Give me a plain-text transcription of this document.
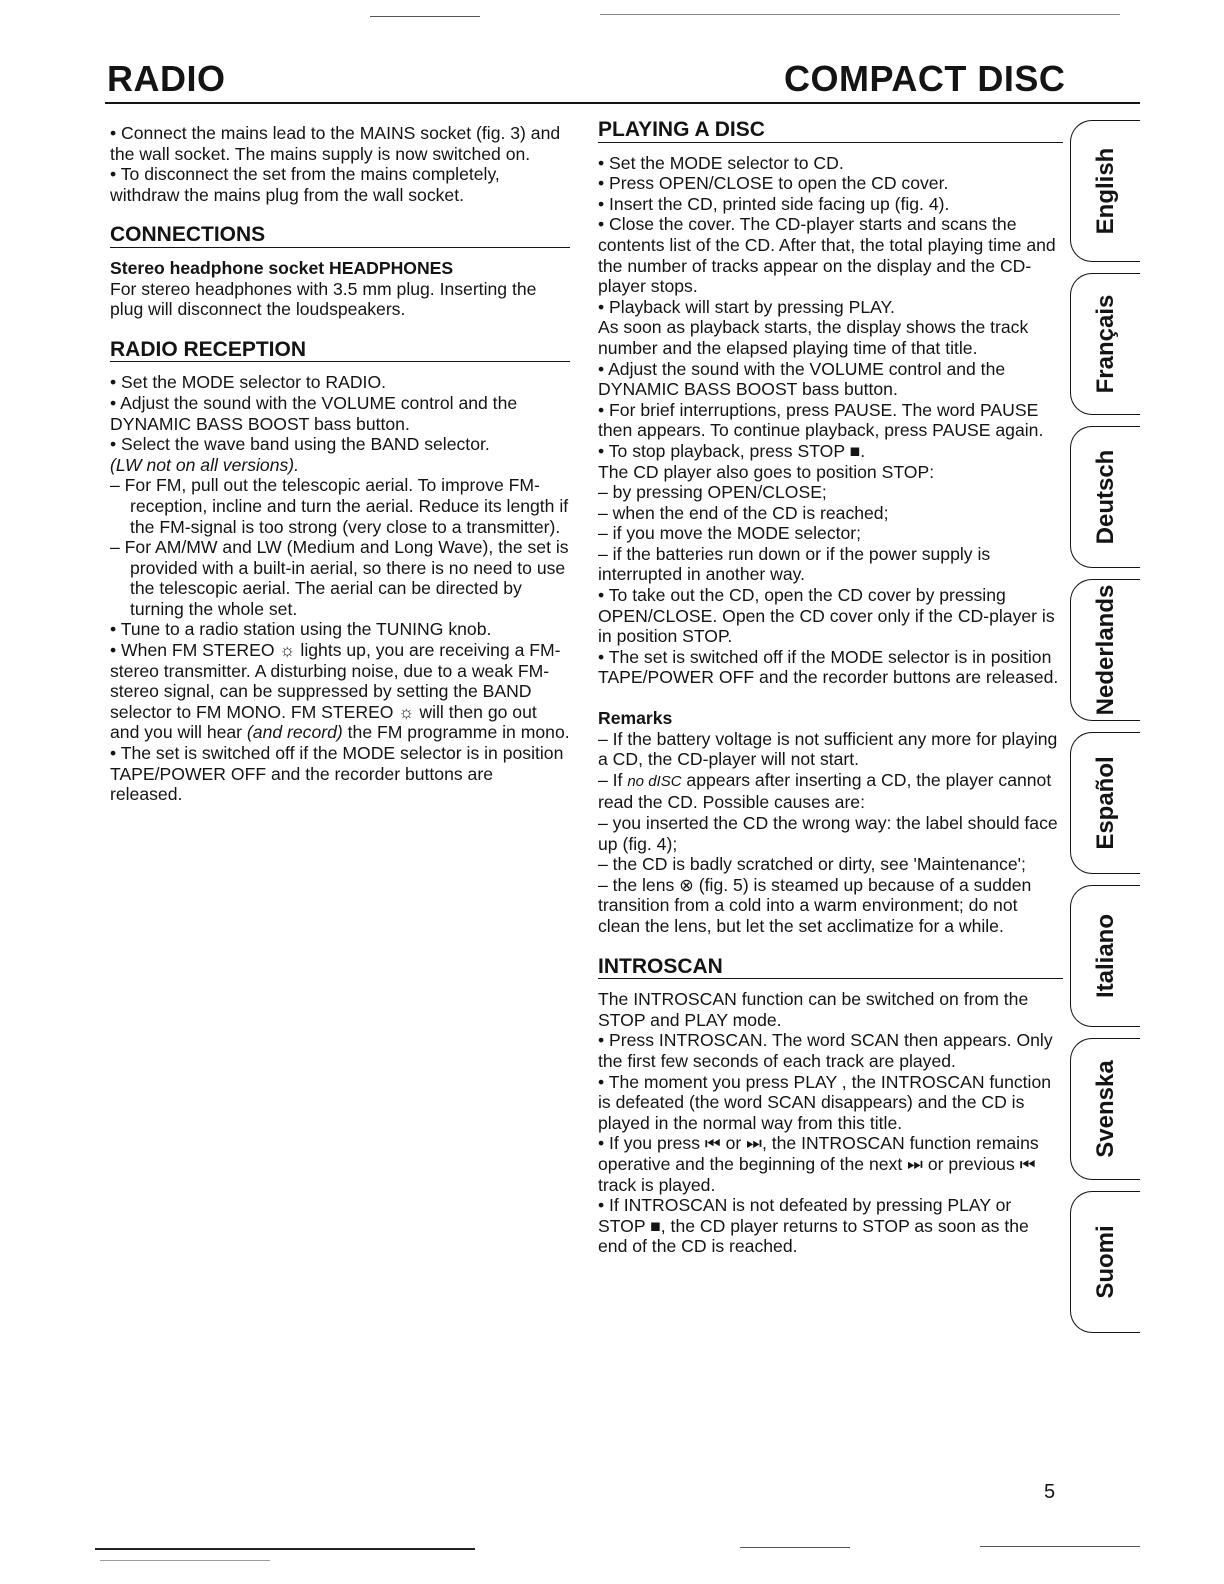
RADIO	COMPACT DISC

• Connect the mains lead to the MAINS socket (fig. 3) and the wall socket. The mains supply is now switched on.

• To disconnect the set from the mains completely, withdraw the mains plug from the wall socket.

CONNECTIONS

Stereo headphone socket HEADPHONES

For stereo headphones with 3.5 mm plug. Inserting the plug will disconnect the loudspeakers.

RADIO RECEPTION

• Set the MODE selector to RADIO.

• Adjust the sound with the VOLUME control and the DYNAMIC BASS BOOST bass button.

• Select the wave band using the BAND selector.

(LW not on all versions).

– For FM, pull out the telescopic aerial. To improve FM-reception, incline and turn the aerial. Reduce its length if the FM-signal is too strong (very close to a transmitter).

– For AM/MW and LW (Medium and Long Wave), the set is provided with a built-in aerial, so there is no need to use the telescopic aerial. The aerial can be directed by turning the whole set.

• Tune to a radio station using the TUNING knob.

• When FM STEREO ☼ lights up, you are receiving a FM-stereo transmitter. A disturbing noise, due to a weak FM-stereo signal, can be suppressed by setting the BAND selector to FM MONO. FM STEREO ☼ will then go out and you will hear (and record) the FM programme in mono.

• The set is switched off if the MODE selector is in position TAPE/POWER OFF and the recorder buttons are released.

PLAYING A DISC

• Set the MODE selector to CD.

• Press OPEN/CLOSE to open the CD cover.

• Insert the CD, printed side facing up (fig. 4).

• Close the cover. The CD-player starts and scans the contents list of the CD. After that, the total playing time and the number of tracks appear on the display and the CD-player stops.

• Playback will start by pressing PLAY.

As soon as playback starts, the display shows the track number and the elapsed playing time of that title.

• Adjust the sound with the VOLUME control and the DYNAMIC BASS BOOST bass button.

• For brief interruptions, press PAUSE. The word PAUSE then appears. To continue playback, press PAUSE again.

• To stop playback, press STOP ■.

The CD player also goes to position STOP:

– by pressing OPEN/CLOSE;

– when the end of the CD is reached;

– if you move the MODE selector;

– if the batteries run down or if the power supply is interrupted in another way.

• To take out the CD, open the CD cover by pressing OPEN/CLOSE. Open the CD cover only if the CD-player is in position STOP.

• The set is switched off if the MODE selector is in position TAPE/POWER OFF and the recorder buttons are released.

Remarks

– If the battery voltage is not sufficient any more for playing a CD, the CD-player will not start.

– If no dISC appears after inserting a CD, the player cannot read the CD. Possible causes are:

– you inserted the CD the wrong way: the label should face up (fig. 4);

– the CD is badly scratched or dirty, see 'Maintenance';

– the lens ⊗ (fig. 5) is steamed up because of a sudden transition from a cold into a warm environment; do not clean the lens, but let the set acclimatize for a while.

INTROSCAN

The INTROSCAN function can be switched on from the STOP and PLAY mode.

• Press INTROSCAN. The word SCAN then appears. Only the first few seconds of each track are played.

• The moment you press PLAY , the INTROSCAN function is defeated (the word SCAN disappears) and the CD is played in the normal way from this title.

• If you press ⏮ or ⏭, the INTROSCAN function remains operative and the beginning of the next ⏭ or previous ⏮ track is played.

• If INTROSCAN is not defeated by pressing PLAY or STOP ■, the CD player returns to STOP as soon as the end of the CD is reached.

English
Français
Deutsch
Nederlands
Español
Italiano
Svenska
Suomi
5
